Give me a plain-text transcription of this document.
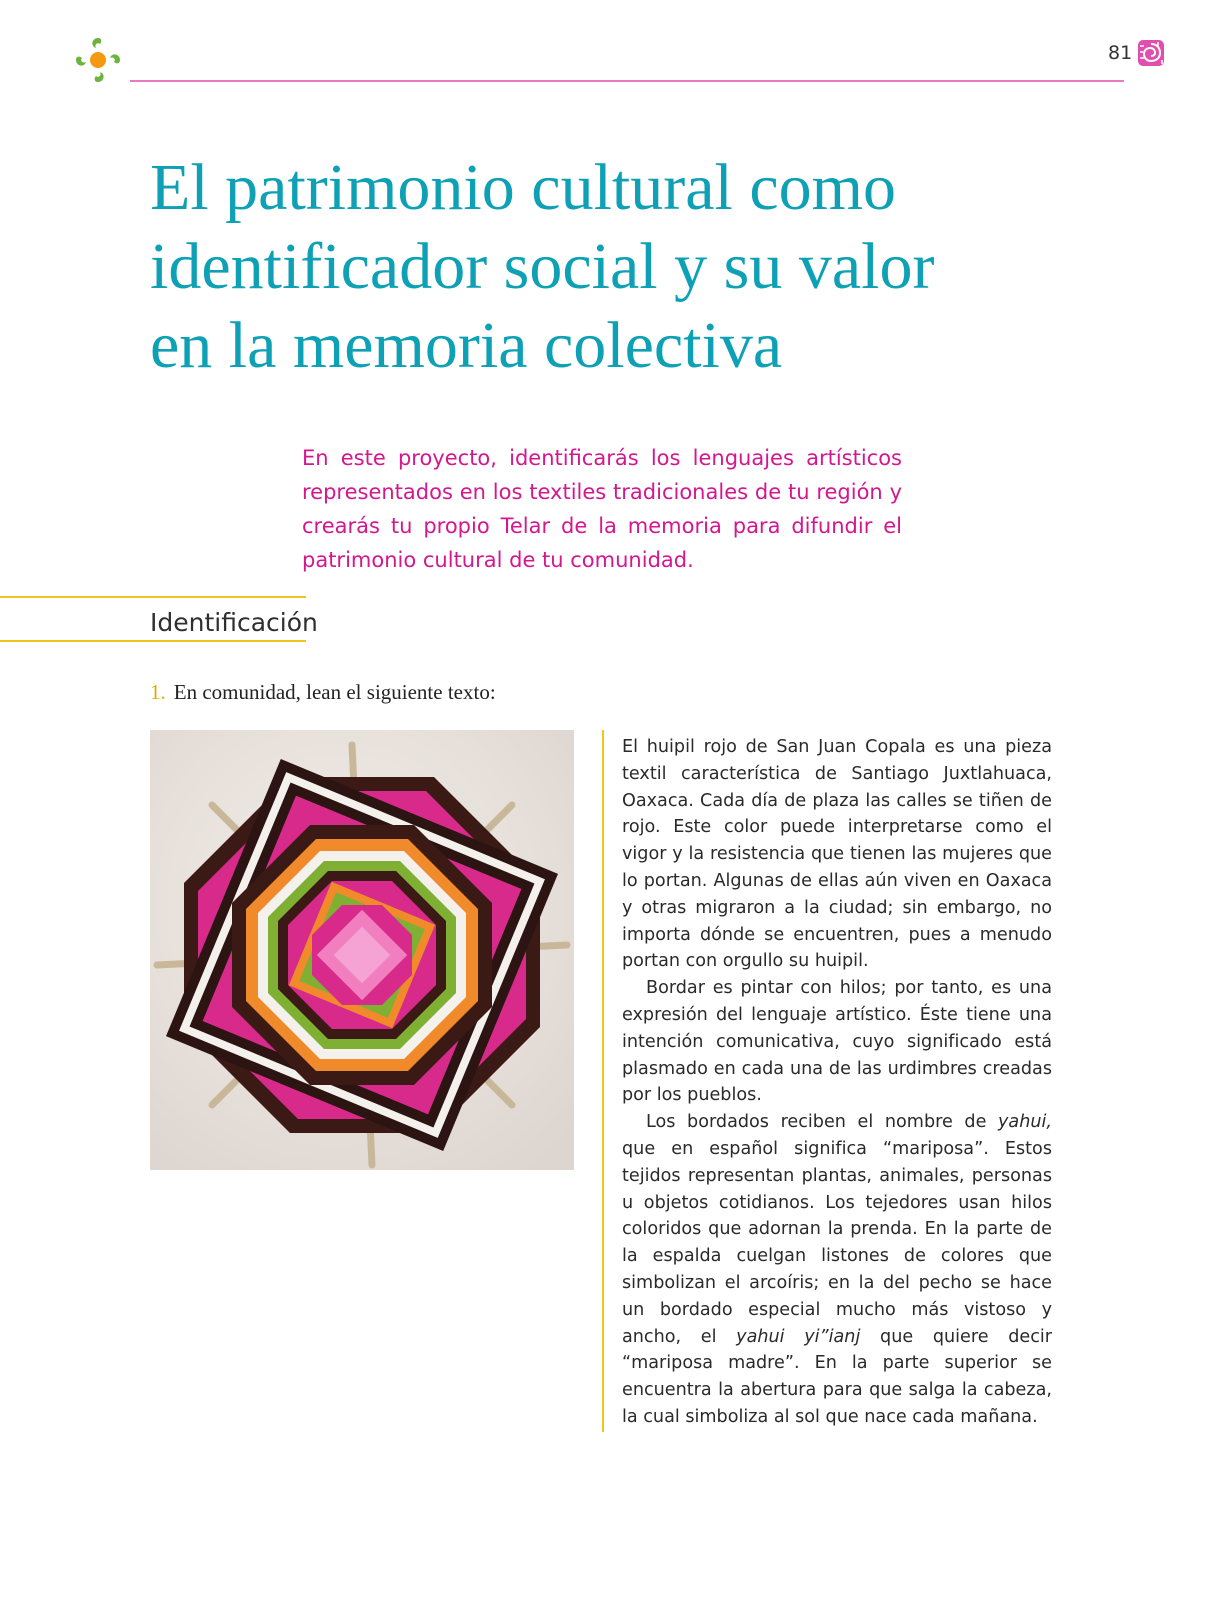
81
El patrimonio cultural como
identificador social y su valor
en la memoria colectiva

En este proyecto, identificarás los lenguajes artísticos representados en los textiles tradicionales de tu región y crearás tu propio Telar de la memoria para difundir el patrimonio cultural de tu comunidad.

Identificación

1. En comunidad, lean el siguiente texto:

El huipil rojo de San Juan Copala es una pieza textil característica de Santiago Juxtlahuaca, Oaxaca. Cada día de plaza las calles se tiñen de rojo. Este color puede interpretarse como el vigor y la resistencia que tienen las mujeres que lo portan. Algunas de ellas aún viven en Oaxaca y otras migraron a la ciudad; sin embargo, no importa dónde se encuentren, pues a menudo portan con orgullo su huipil.

Bordar es pintar con hilos; por tanto, es una expresión del lenguaje artístico. Éste tiene una intención comunicativa, cuyo significado está plasmado en cada una de las urdimbres creadas por los pueblos.

Los bordados reciben el nombre de yahui, que en español significa “mariposa”. Estos tejidos representan plantas, animales, personas u objetos cotidianos. Los tejedores usan hilos coloridos que adornan la prenda. En la parte de la espalda cuelgan listones de colores que simbolizan el arcoíris; en la del pecho se hace un bordado especial mucho más vistoso y ancho, el yahui yi”ianj que quiere decir “mariposa madre”. En la parte superior se encuentra la abertura para que salga la cabeza, la cual simboliza al sol que nace cada mañana.
